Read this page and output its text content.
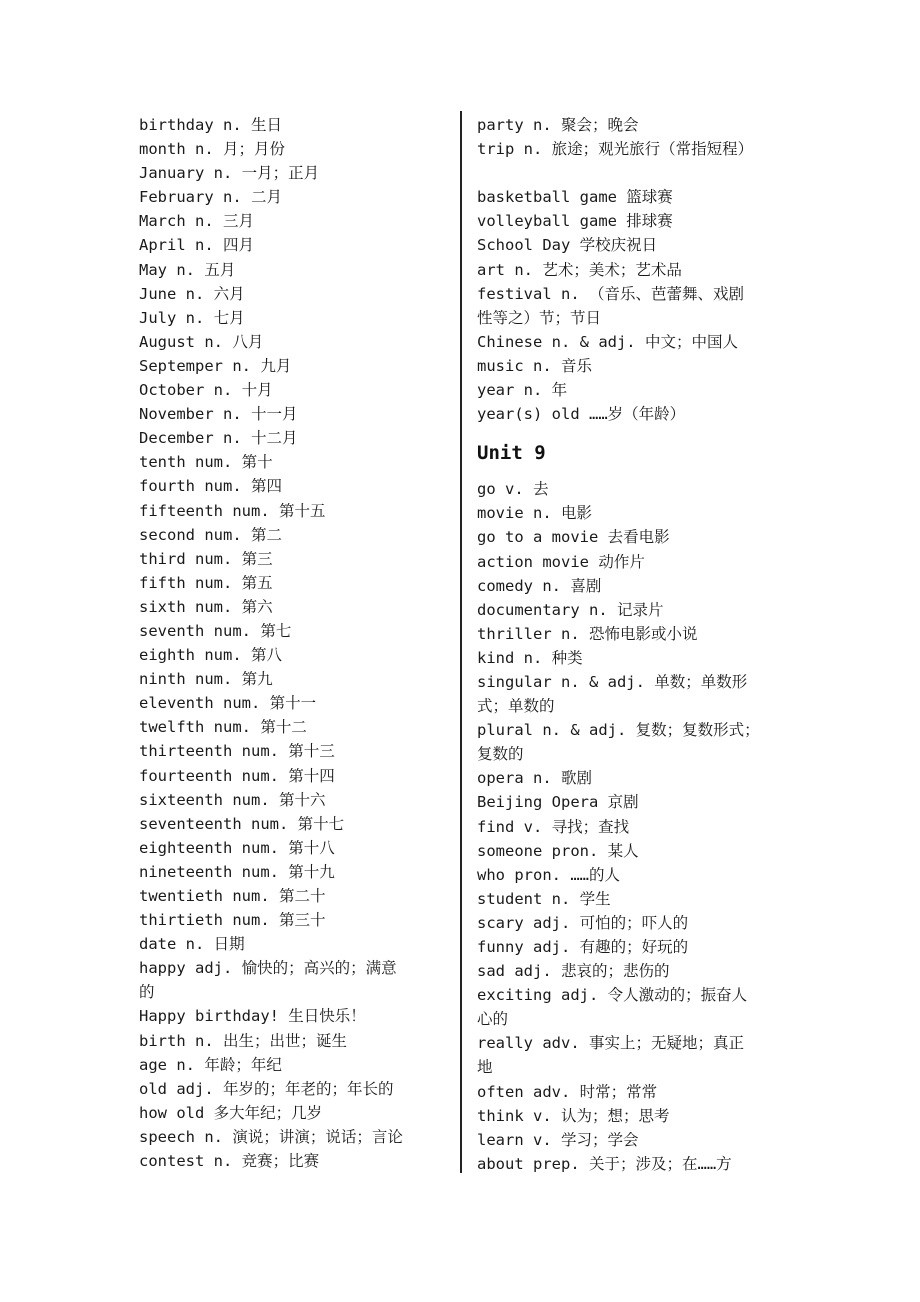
birthday n. 生日
month n. 月；月份
January n. 一月；正月
February n. 二月
March n. 三月
April n. 四月
May n. 五月
June n. 六月
July n. 七月
August n. 八月
Septemper n. 九月
October n. 十月
November n. 十一月
December n. 十二月
tenth num. 第十
fourth num. 第四
fifteenth num. 第十五
second num. 第二
third num. 第三
fifth num. 第五
sixth num. 第六
seventh num. 第七
eighth num. 第八
ninth num. 第九
eleventh num. 第十一
twelfth num. 第十二
thirteenth num. 第十三
fourteenth num. 第十四
sixteenth num. 第十六
seventeenth num. 第十七
eighteenth num. 第十八
nineteenth num. 第十九
twentieth num. 第二十
thirtieth num. 第三十
date n. 日期
happy adj. 愉快的；高兴的；满意
的
Happy birthday! 生日快乐！
birth n. 出生；出世；诞生
age n. 年龄；年纪
old adj. 年岁的；年老的；年长的
how old 多大年纪；几岁
speech n. 演说；讲演；说话；言论
contest n. 竞赛；比赛
party n. 聚会；晚会
trip n. 旅途；观光旅行（常指短程）
basketball game 篮球赛
volleyball game 排球赛
School Day 学校庆祝日
art n. 艺术；美术；艺术品
festival n. （音乐、芭蕾舞、戏剧
性等之）节；节日
Chinese n. & adj. 中文；中国人
music n. 音乐
year n. 年
year(s) old ……岁（年龄）
Unit 9
go v. 去
movie n. 电影
go to a movie 去看电影
action movie 动作片
comedy n. 喜剧
documentary n. 记录片
thriller n. 恐怖电影或小说
kind n. 种类
singular n. & adj. 单数；单数形
式；单数的
plural n. & adj. 复数；复数形式；
复数的
opera n. 歌剧
Beijing Opera 京剧
find v. 寻找；查找
someone pron. 某人
who pron. ……的人
student n. 学生
scary adj. 可怕的；吓人的
funny adj. 有趣的；好玩的
sad adj. 悲哀的；悲伤的
exciting adj. 令人激动的；振奋人
心的
really adv. 事实上；无疑地；真正
地
often adv. 时常；常常
think v. 认为；想；思考
learn v. 学习；学会
about prep. 关于；涉及；在……方
